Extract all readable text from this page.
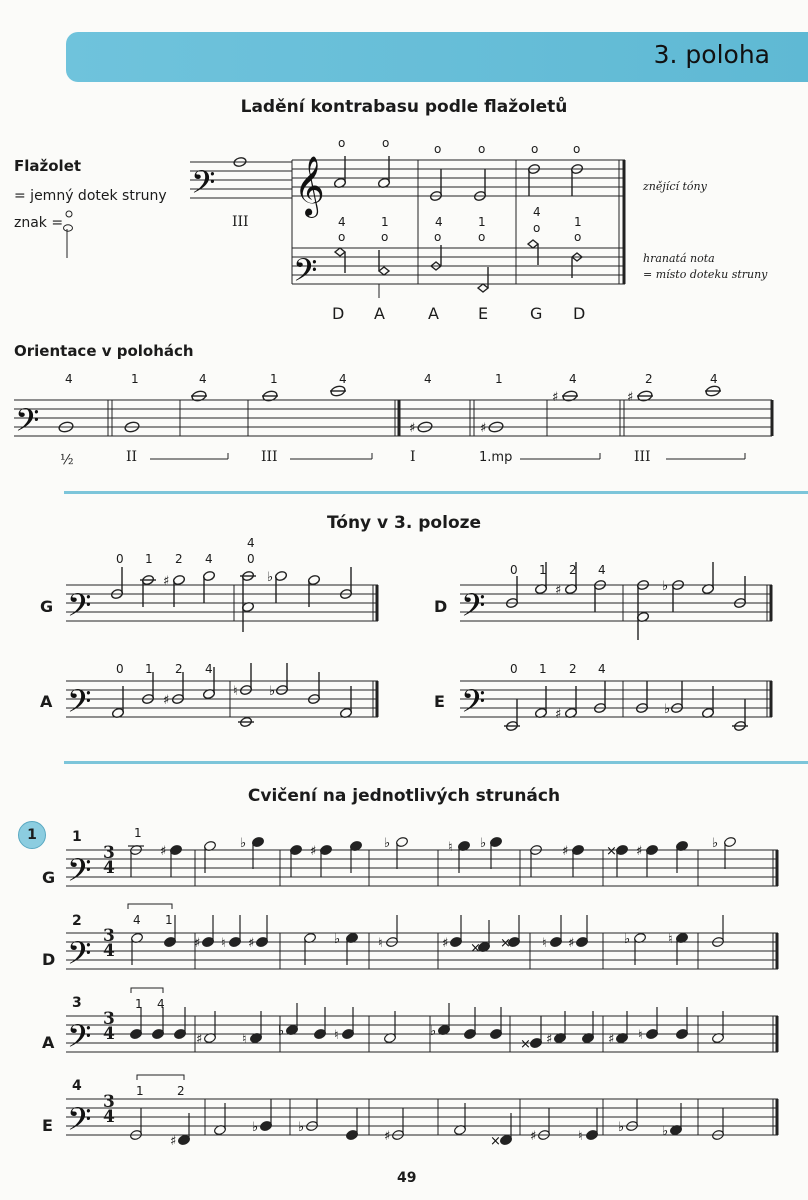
3. poloha
Ladění kontrabasu podle flažoletů
Flažolet
= jemný dotek struny
znak =	III
znějící tóny
hranatá nota
= místo doteku struny
o	o	o	o	o	o
4	1	4	1
4
1
o	o	o	o
o
o
D A	A E	G D
Orientace v polohách
4	1	4	1	4	4	1	4	2	4
½	II	III	I	1.mp	III
Tóny v 3. poloze
G	D
A	E
0 1 2 4
4
0
0 1 2 4
0 1 2 4	0 1 2 4
Cvičení na jednotlivých strunách
1	1
2
3
4
G
D
A
E
3
4
3
4
3
4
3
4
1
4 1
1 4
1	2
49
𝄢
𝄢
𝄢
𝄢	𝄢
𝄢	𝄢
𝄢
𝄢
𝄢
𝄢
𝄞
♯	♯
♯	♯
♯	♭
♯	♭
♯
♭
♮
♯	♭
♯
♭
♯
♭	♮ ♭
♯	× ♯
♭
♯ ♮ ♯	♭	♮	♯ × × ♮ ♯	♭	♮
♯	♮
♭	♮	♭
× ♯	♯ ♮
♯
♭	♭
♯	× ♯	♮
♭	♭
